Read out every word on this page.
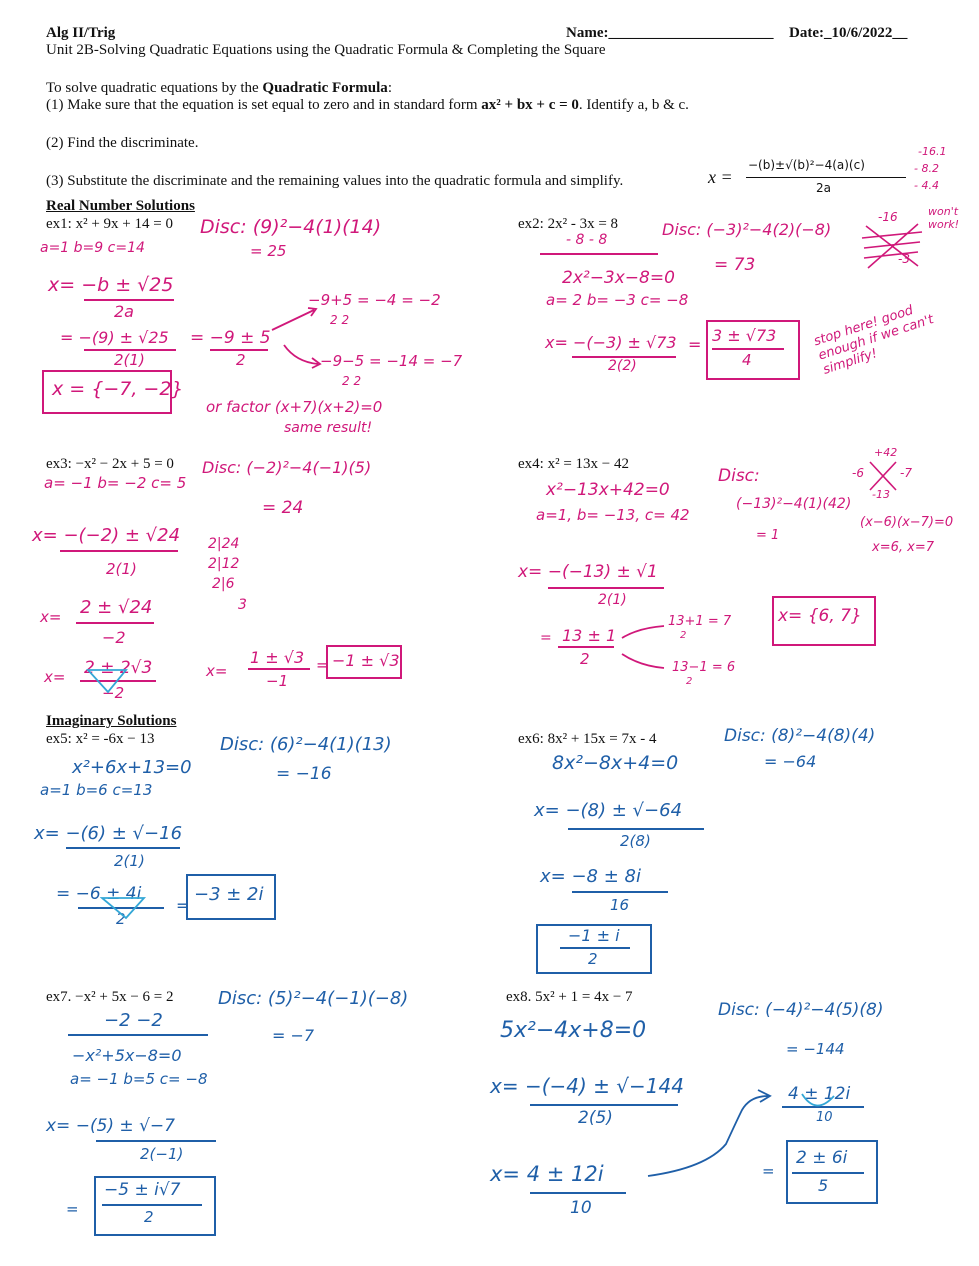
Alg II/Trig	Name:______________________ Date:_10/6/2022__
Unit 2B-Solving Quadratic Equations using the Quadratic Formula & Completing the Square
To solve quadratic equations by the Quadratic Formula:
(1) Make sure that the equation is set equal to zero and in standard form ax² + bx + c = 0. Identify a, b & c.
(2) Find the discriminate.
(3) Substitute the discriminate and the remaining values into the quadratic formula and simplify.	x =
−(b)±√(b)²−4(a)(c)
2a
-16.1
- 8.2
- 4.4
Real Number Solutions
ex1: x² + 9x + 14 = 0 Disc: (9)²−4(1)(14)
= 25
a=1 b=9 c=14
x= −b ± √25
2a
= −(9) ± √25
2(1)
= −9 ± 5
2
−9+5 = −4 = −2
2 2
−9−5 = −14 = −7
2 2
x = {−7, −2}
or factor (x+7)(x+2)=0
same result!
ex2: 2x² - 3x = 8
- 8 - 8
Disc: (−3)²−4(2)(−8)
= 73
2x²−3x−8=0
a= 2 b= −3 c= −8
x= −(−3) ± √73
2(2)
= 3 ± √73
4
stop here! good enough if we can't simplify!
-16	won't work!
-3
ex3: −x² − 2x + 5 = 0 Disc: (−2)²−4(−1)(5)
= 24
a= −1 b= −2 c= 5
x= −(−2) ± √24
2(1)
2|24
2|12
2|6
3
x= 2 ± √24
−2
x= 2 ± 2√3
−2
x=
1 ± √3
−1
= −1 ± √3
ex4: x² = 13x − 42
Disc:
(−13)²−4(1)(42)
= 1
x²−13x+42=0
a=1, b= −13, c= 42
x= −(−13) ± √1
2(1)
= 13 ± 1
2
13+1 = 7
2
13−1 = 6
2
x= {6, 7}
(x−6)(x−7)=0
x=6, x=7
+42
-6	-7
-13
Imaginary Solutions
ex5: x² = -6x − 13	Disc: (6)²−4(1)(13)
= −16
x²+6x+13=0
a=1 b=6 c=13
x= −(6) ± √−16
2(1)
= −6 ± 4i
2
=
−3 ± 2i
ex6: 8x² + 15x = 7x - 4	Disc: (8)²−4(8)(4)
= −64
8x²−8x+4=0
x= −(8) ± √−64
2(8)
x= −8 ± 8i
16
−1 ± i
2
ex7. −x² + 5x − 6 = 2
−2 −2
Disc: (5)²−4(−1)(−8)
= −7
−x²+5x−8=0
a= −1 b=5 c= −8
x= −(5) ± √−7
2(−1)
=
−5 ± i√7
2
ex8. 5x² + 1 = 4x − 7
Disc: (−4)²−4(5)(8)
= −144
5x²−4x+8=0
x= −(−4) ± √−144
2(5)
x= 4 ± 12i
10
4 ± 12i
10
=
2 ± 6i
5
